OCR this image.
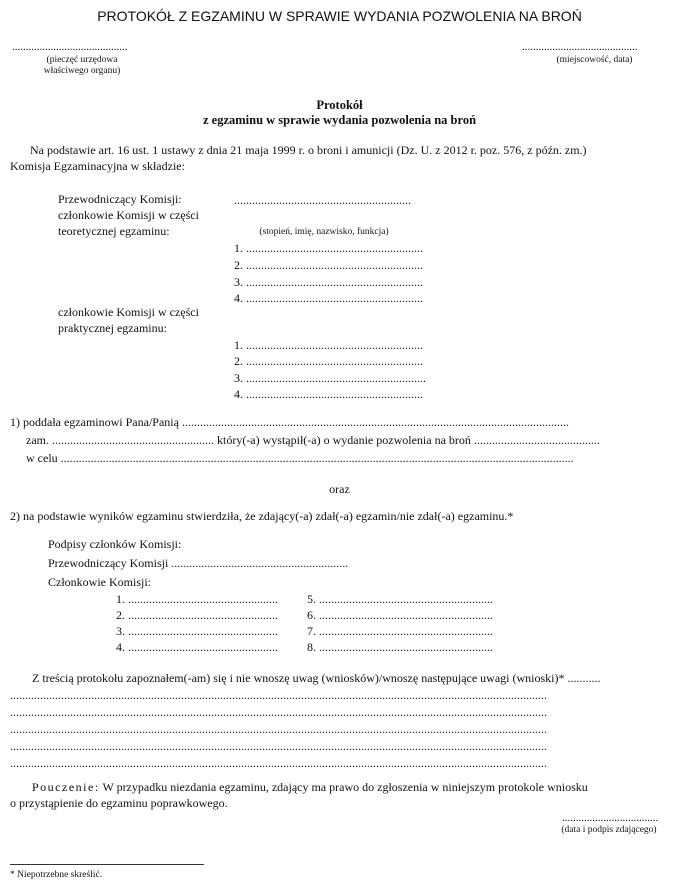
PROTOKÓŁ Z EGZAMINU W SPRAWIE WYDANIA POZWOLENIA NA BROŃ
..........................................
(pieczęć urzędowa
właściwego organu)
..........................................
(miejscowość, data)
Protokół
z egzaminu w sprawie wydania pozwolenia na broń
Na podstawie art. 16 ust. 1 ustawy z dnia 21 maja 1999 r. o broni i amunicji (Dz. U. z 2012 r. poz. 576, z późn. zm.)
Komisja Egzaminacyjna w składzie:
Przewodniczący Komisji:	...........................................................
członkowie Komisji w części
teoretycznej egzaminu:	(stopień, imię, nazwisko, funkcja)
1. ...........................................................
2. ...........................................................
3. ...........................................................
4. ...........................................................
członkowie Komisji w części
praktycznej egzaminu:
1. ...........................................................
2. ...........................................................
3. ............................................................
4. ...........................................................
1) poddała egzaminowi Pana/Panią .................................................................................................................................
zam. ...................................................... który(-a) wystąpił(-a) o wydanie pozwolenia na broń ..........................................
w celu ...........................................................................................................................................................................
oraz
2) na podstawie wyników egzaminu stwierdziła, że zdający(-a) zdał(-a) egzamin/nie zdał(-a) egzaminu.*
Podpisy członków Komisji:
Przewodniczący Komisji ...........................................................
Członkowie Komisji:
1. ..................................................
2. ..................................................
3. ..................................................
4. ..................................................
5. ..........................................................
6. ..........................................................
7. ..........................................................
8. ..........................................................
Z treścią protokołu zapoznałem(-am) się i nie wnoszę uwag (wniosków)/wnoszę następujące uwagi (wnioski)* ...........
...................................................................................................................................................................................
...................................................................................................................................................................................
...................................................................................................................................................................................
...................................................................................................................................................................................
...................................................................................................................................................................................
Pouczenie: W przypadku niezdania egzaminu, zdający ma prawo do zgłoszenia w niniejszym protokole wniosku
o przystąpienie do egzaminu poprawkowego.
...................................
(data i podpis zdającego)
* Niepotrzebne skreślić.
